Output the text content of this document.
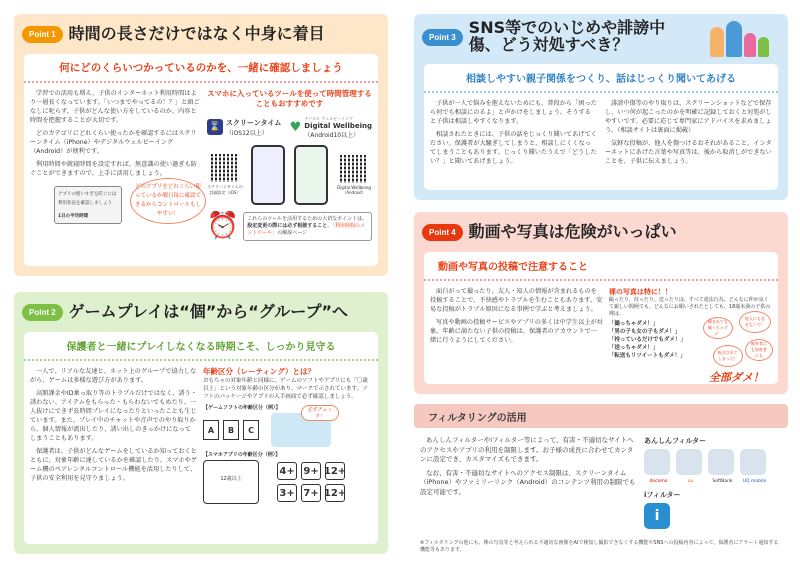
Point 1 時間の長さだけではなく中身に着目
何にどのくらいつかっているのかを、一緒に確認しましょう

学習での活用も増え、子供のインターネット利用時間はより一層長くなっています。「いつまでやってるの！？」と頭ごなしに叱らず、子供がどんな使い方をしているのか、内容と時間を把握することが大切です。

どのカテゴリにどれくらい使ったかを確認するにはスクリーンタイム（iPhone）やデジタルウェルビーイング（Android）が便利です。

利用時間や就寝時間を設定すれば、無意識の使い過ぎも防ぐことができますので、上手に活用しましょう。

アプリの使いすぎを防ぐには利用状況を確認しましょう
1日の平均時間
どのアプリをどれくらい使っているか曜日毎に確認できるからコントロールもしやすい！
スマホに入っているツールを使って時間管理することもおすすめです
⌛ スクリーンタイム
（iOS12以上）	♥
デジタル ウェルビーイング
Digital Wellbeing
（Android10以上）
スクリーンタイムの詳細設定（iOS）
Digital Wellbeing（Android）
⏰	これらのツールを活用するための大切なポイントは、設定変更の際には必ず相談すること。「利用時間のコントロール」の解説ページ
Point 2 ゲームプレイは“個”から“グループ”へ
保護者と一緒にプレイしなくなる時期こそ、しっかり見守る

一人で、リアルな友達と、ネット上のグループで協力しながら、ゲームは多様な遊び方があります。

高額課金やID乗っ取り等のトラブルだけではなく、誘う・誘わない、アイテムをもらった・もらわないでもめたり、一人抜けにできず長時間プレイになったりといったことも生じています。また、プレイ中のチャットや音声でのやり取りから、個人情報が流出したり、誘い出しのきっかけになってしまうこともあります。

保護者は、子供がどんなゲームをしているか知っておくとともに、対象年齢に達しているかを確認したり、スマホやゲーム機のペアレンタルコントロール機能を活用したりして、子供の安全利用を見守りましょう。

年齢区分（レーティング）とは？
おもちゃの対象年齢と同様に、ゲームのソフトやアプリにも「〇歳以上」という対象年齢の区分があり、マークで示されています。ソフトのパッケージやアプリの入手画面で必ず確認しましょう。
【ゲームソフトの年齢区分（例）】
A	B	C
必ずチェック！
【スマホアプリの年齢区分（例）】
12歳以上
4+ 9+ 12+
3+ 7+ 12+
Point 3 SNS等でのいじめや誹謗中傷、どう対処すべき？
相談しやすい親子関係をつくり、話はじっくり聞いてあげる

子供が一人で悩みを抱えないためにも、普段から「困ったら何でも相談にのるよ」と声かけをしましょう。そうすると子供は相談しやすくなります。

相談されたときには、子供の話をじっくり聞いてあげてください。保護者が大騒ぎしてしまうと、相談しにくくなってしまうこともあります。じっくり聞いたうえで「どうしたい？」と聞いてあげましょう。

誹謗中傷等のやり取りは、スクリーンショットなどで保存し、いつ何が起こったのかを明確に記録しておくと対処がしやすいです。必要に応じて専門家にアドバイスを求めましょう。（相談サイトは裏面に掲載）

気軽な投稿が、他人を傷つけるおそれがあること、インターネットにあげた言葉や写真等は、後から取消しができないことを、子供に伝えましょう。

Point 4 動画や写真は危険がいっぱい
動画や写真の投稿で注意すること

面白がって撮ったり、友人・知人の情報が含まれるものを投稿することで、不快感やトラブルを生むこともあります。安易な投稿がトラブル原因になる事例で学ぶと考えましょう。

写真や動画の投稿サービスやアプリの多くは中学生以上が対象。年齢に満たない子供の投稿は、保護者のアカウントで一緒に行うようにしてください。

裸の写真は特に！！
撮ったり、持ったり、送ったりは、すべて違法行為。どんなに仲が良くて親しい間柄でも、どんなにお願いされたとしても、18歳未満の子供の裸は、
「撮っちゃダメ！」
「男の子も女の子もダメ！」
「持っているだけでもダメ！」
「送っちゃダメ！」
「転送もリツイートもダメ！」
頼まれても撮っちゃダメ！
他人にも見せないで！
転送されてしまった！
被害者にも加害者にも
全部ダメ！
フィルタリングの活用

あんしんフィルターやiフィルター等によって、有害・不適切なサイトへのアクセスやアプリの利用を制限します。お子様の成長に合わせてカンタンに設定でき、カスタマイズもできます。

なお、有害・不適切なサイトへのアクセス制限は、スクリーンタイム（iPhone）やファミリーリンク（Android）のコンテンツ利用の制限でも設定可能です。

あんしんフィルター
docomo	au	SoftBank	UQ mobile
iフィルター
i
※フィルタリングの他にも、裸の写真等と考えられる不適切な画像をAIで検知し撮影できなくする機能やSNSへの投稿内容によって、保護者にアラート通知する機能等もあります。
